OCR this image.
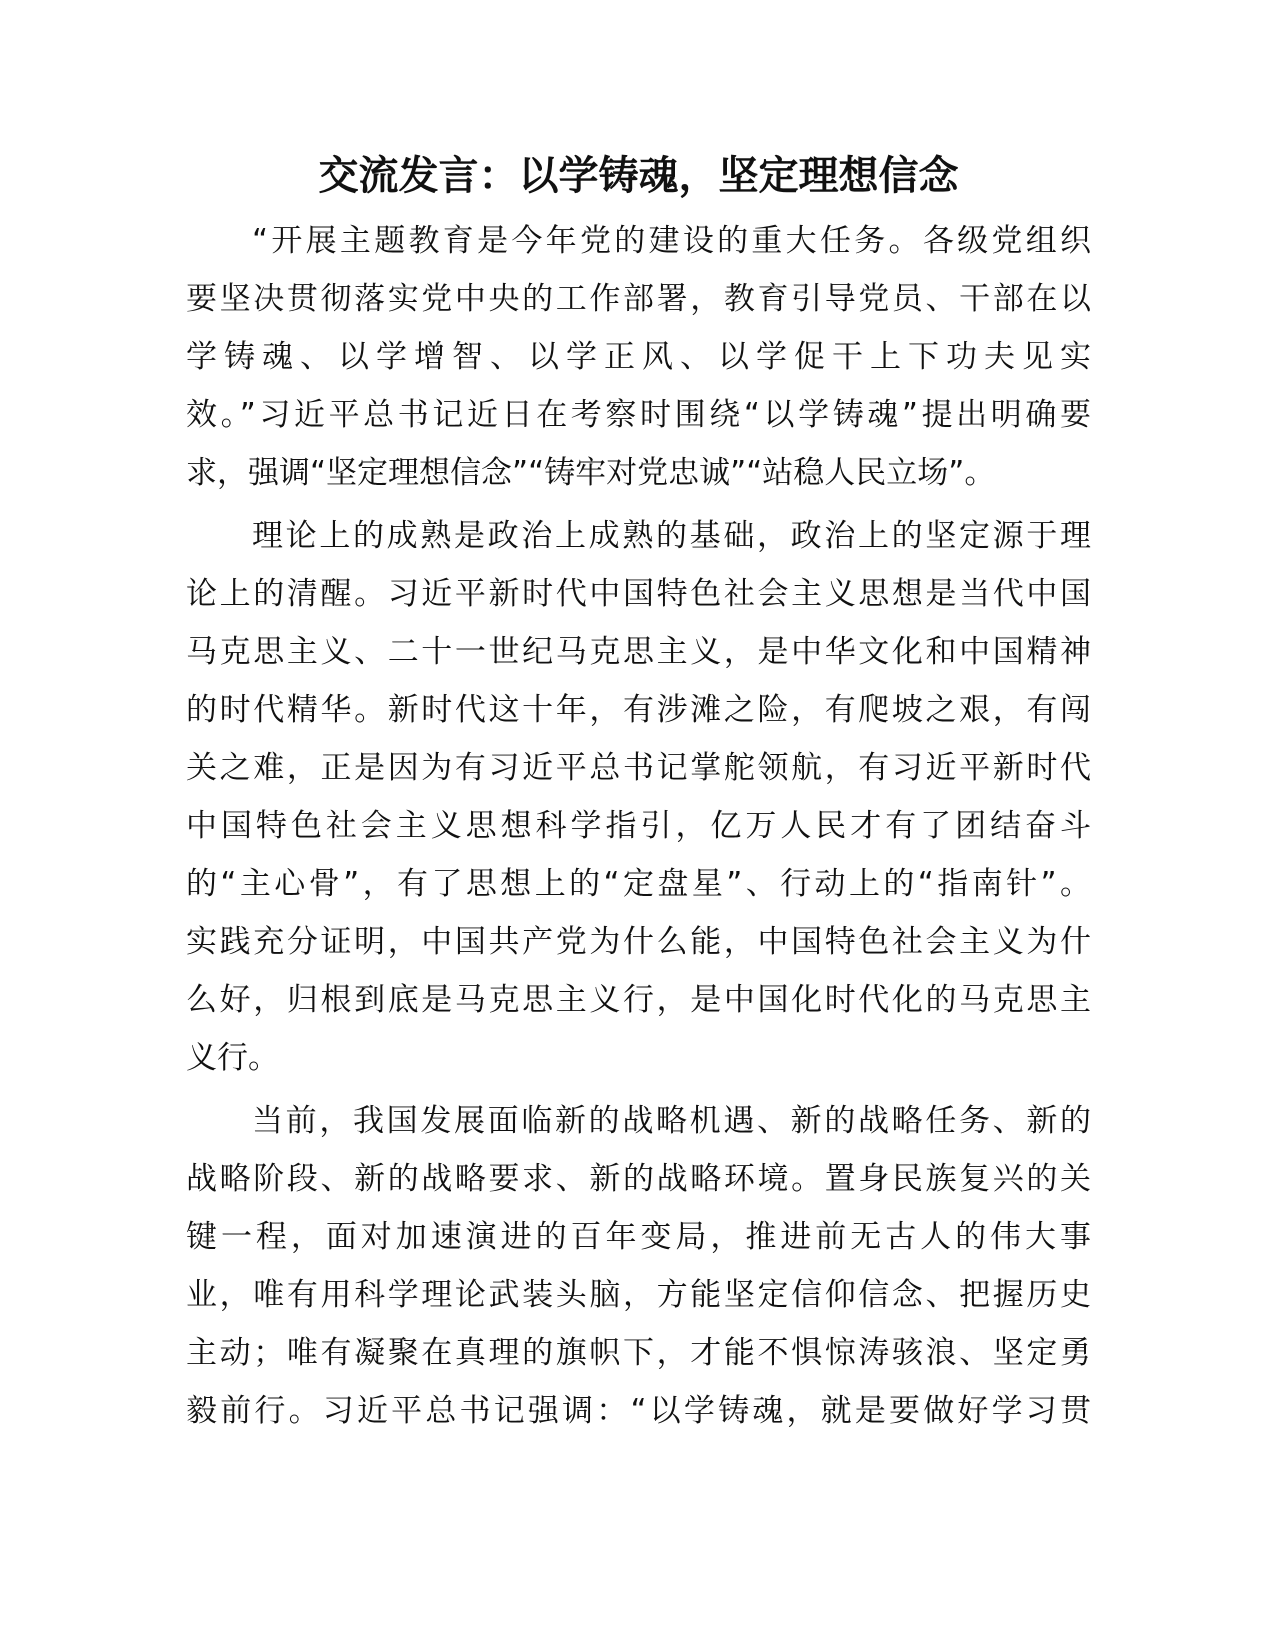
交流发言：以学铸魂，坚定理想信念

“开展主题教育是今年党的建设的重大任务。各级党组织
要坚决贯彻落实党中央的工作部署，教育引导党员、干部在以
学铸魂、以学增智、以学正风、以学促干上下功夫见实
效。”习近平总书记近日在考察时围绕“以学铸魂”提出明确要
求，强调“坚定理想信念”“铸牢对党忠诚”“站稳人民立场”。

理论上的成熟是政治上成熟的基础，政治上的坚定源于理
论上的清醒。习近平新时代中国特色社会主义思想是当代中国
马克思主义、二十一世纪马克思主义，是中华文化和中国精神
的时代精华。新时代这十年，有涉滩之险，有爬坡之艰，有闯
关之难，正是因为有习近平总书记掌舵领航，有习近平新时代
中国特色社会主义思想科学指引，亿万人民才有了团结奋斗
的“主心骨”，有了思想上的“定盘星”、行动上的“指南针”。
实践充分证明，中国共产党为什么能，中国特色社会主义为什
么好，归根到底是马克思主义行，是中国化时代化的马克思主
义行。

当前，我国发展面临新的战略机遇、新的战略任务、新的
战略阶段、新的战略要求、新的战略环境。置身民族复兴的关
键一程，面对加速演进的百年变局，推进前无古人的伟大事
业，唯有用科学理论武装头脑，方能坚定信仰信念、把握历史
主动；唯有凝聚在真理的旗帜下，才能不惧惊涛骇浪、坚定勇
毅前行。习近平总书记强调：“以学铸魂，就是要做好学习贯
